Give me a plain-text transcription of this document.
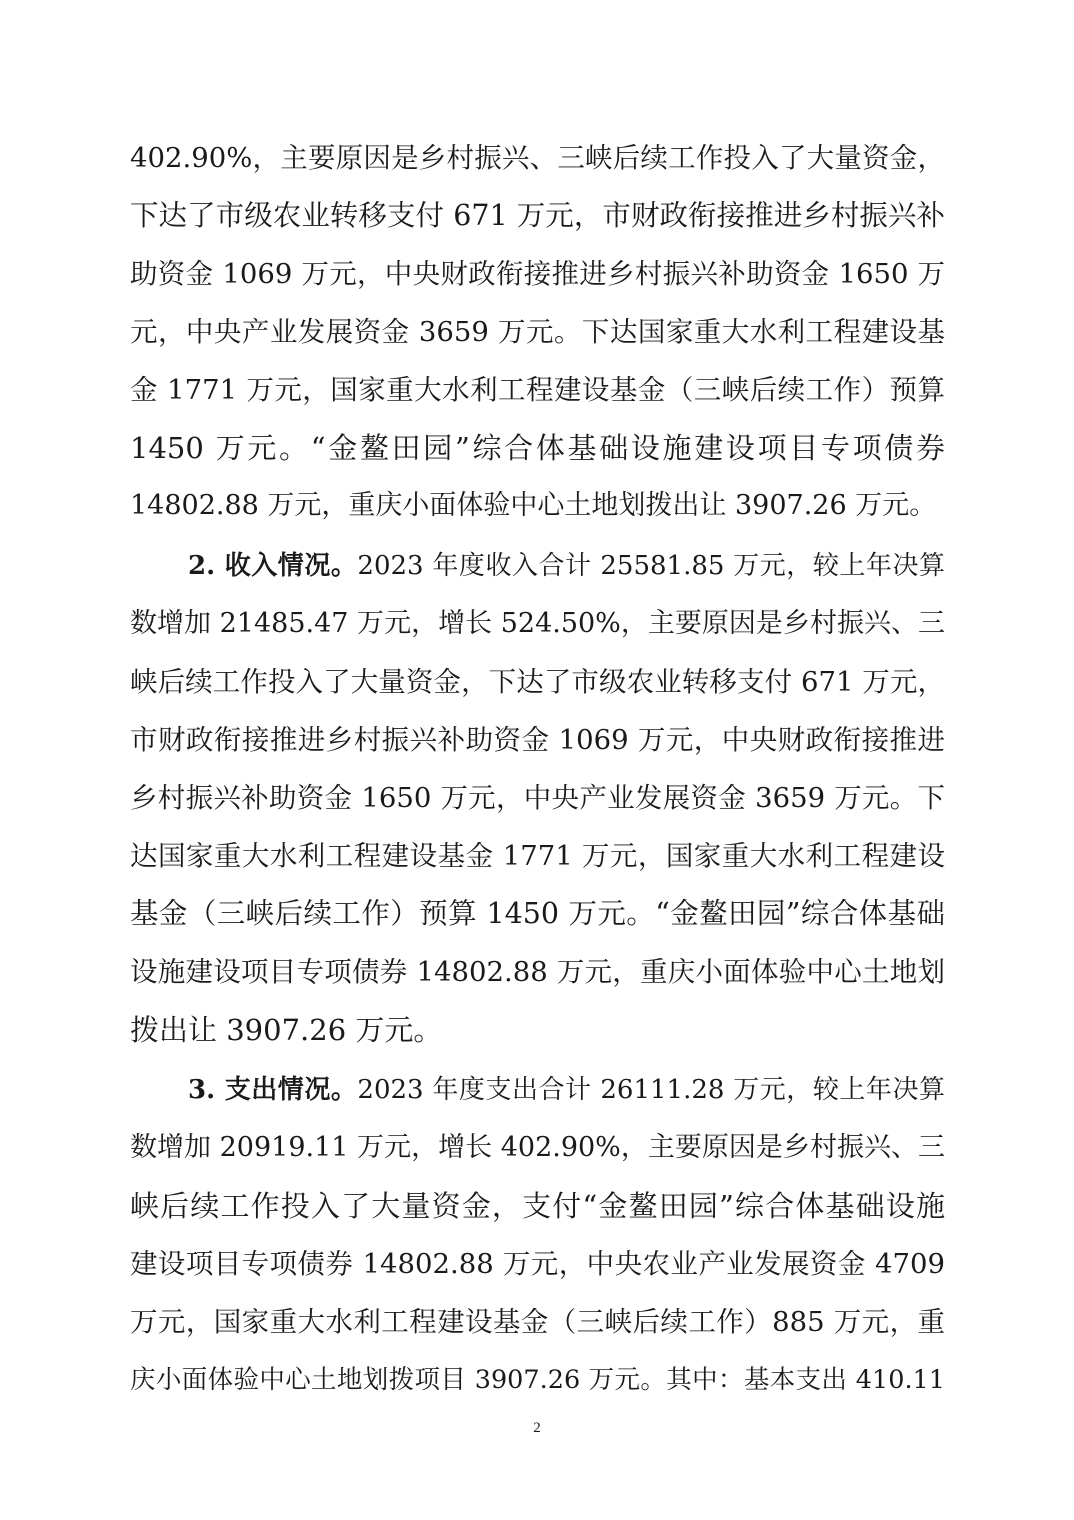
402.90%，主要原因是乡村振兴、三峡后续工作投入了大量资金，
下达了市级农业转移支付 671 万元，市财政衔接推进乡村振兴补
助资金 1069 万元，中央财政衔接推进乡村振兴补助资金 1650 万
元，中央产业发展资金 3659 万元。下达国家重大水利工程建设基
金 1771 万元，国家重大水利工程建设基金（三峡后续工作）预算
1450 万元。“金鳌田园”综合体基础设施建设项目专项债券
14802.88 万元，重庆小面体验中心土地划拨出让 3907.26 万元。
2. 收入情况。2023 年度收入合计 25581.85 万元，较上年决算
数增加 21485.47 万元，增长 524.50%，主要原因是乡村振兴、三
峡后续工作投入了大量资金，下达了市级农业转移支付 671 万元，
市财政衔接推进乡村振兴补助资金 1069 万元，中央财政衔接推进
乡村振兴补助资金 1650 万元，中央产业发展资金 3659 万元。下
达国家重大水利工程建设基金 1771 万元，国家重大水利工程建设
基金（三峡后续工作）预算 1450 万元。“金鳌田园”综合体基础
设施建设项目专项债券 14802.88 万元，重庆小面体验中心土地划
拨出让 3907.26 万元。
3. 支出情况。2023 年度支出合计 26111.28 万元，较上年决算
数增加 20919.11 万元，增长 402.90%，主要原因是乡村振兴、三
峡后续工作投入了大量资金，支付“金鳌田园”综合体基础设施
建设项目专项债券 14802.88 万元，中央农业产业发展资金 4709
万元，国家重大水利工程建设基金（三峡后续工作）885 万元，重
庆小面体验中心土地划拨项目 3907.26 万元。其中：基本支出 410.11
2
